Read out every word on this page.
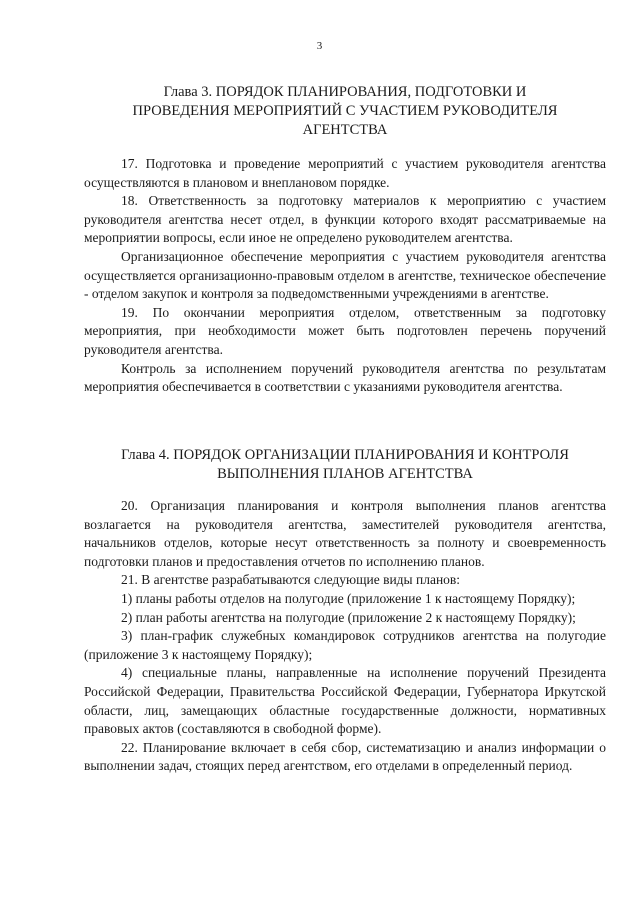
3
Глава 3. ПОРЯДОК ПЛАНИРОВАНИЯ, ПОДГОТОВКИ И
ПРОВЕДЕНИЯ МЕРОПРИЯТИЙ С УЧАСТИЕМ РУКОВОДИТЕЛЯ
АГЕНТСТВА

17. Подготовка и проведение мероприятий с участием руководителя агентства осуществляются в плановом и внеплановом порядке.

18. Ответственность за подготовку материалов к мероприятию с участием руководителя агентства несет отдел, в функции которого входят рассматриваемые на мероприятии вопросы, если иное не определено руководителем агентства.

Организационное обеспечение мероприятия с участием руководителя агентства осуществляется организационно-правовым отделом в агентстве, техническое обеспечение - отделом закупок и контроля за подведомственными учреждениями в агентстве.

19. По окончании мероприятия отделом, ответственным за подготовку мероприятия, при необходимости может быть подготовлен перечень поручений руководителя агентства.

Контроль за исполнением поручений руководителя агентства по результатам мероприятия обеспечивается в соответствии с указаниями руководителя агентства.

Глава 4. ПОРЯДОК ОРГАНИЗАЦИИ ПЛАНИРОВАНИЯ И КОНТРОЛЯ
ВЫПОЛНЕНИЯ ПЛАНОВ АГЕНТСТВА

20. Организация планирования и контроля выполнения планов агентства возлагается на руководителя агентства, заместителей руководителя агентства, начальников отделов, которые несут ответственность за полноту и своевременность подготовки планов и предоставления отчетов по исполнению планов.

21. В агентстве разрабатываются следующие виды планов:

1) планы работы отделов на полугодие (приложение 1 к настоящему Порядку);

2) план работы агентства на полугодие (приложение 2 к настоящему Порядку);

3) план-график служебных командировок сотрудников агентства на полугодие (приложение 3 к настоящему Порядку);

4) специальные планы, направленные на исполнение поручений Президента Российской Федерации, Правительства Российской Федерации, Губернатора Иркутской области, лиц, замещающих областные государственные должности, нормативных правовых актов (составляются в свободной форме).

22. Планирование включает в себя сбор, систематизацию и анализ информации о выполнении задач, стоящих перед агентством, его отделами в определенный период.
